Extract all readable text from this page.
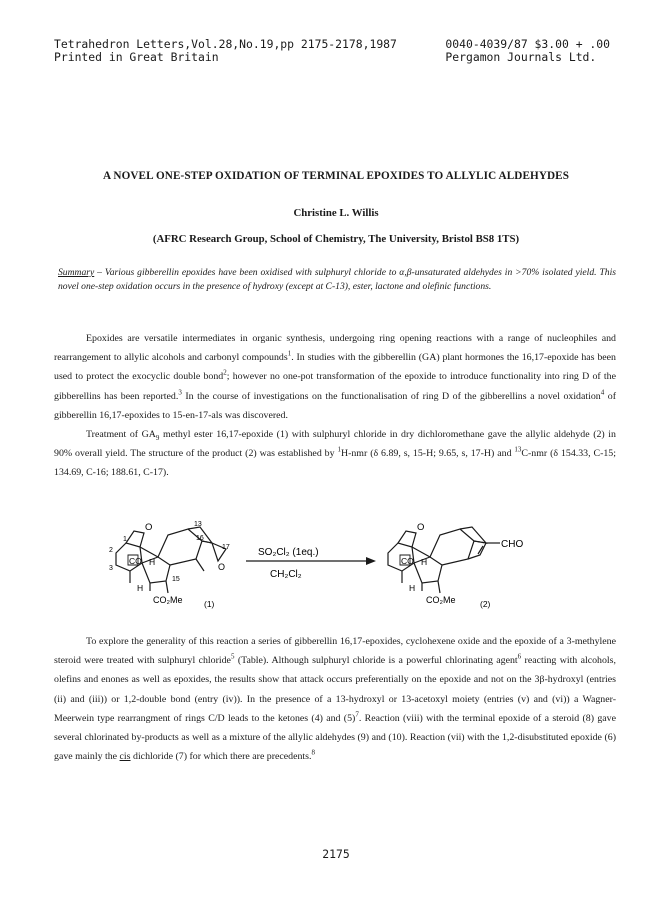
Tetrahedron Letters,Vol.28,No.19,pp 2175-2178,1987
Printed in Great Britain
0040-4039/87 $3.00 + .00
Pergamon Journals Ltd.
A NOVEL ONE-STEP OXIDATION OF TERMINAL EPOXIDES TO ALLYLIC ALDEHYDES
Christine L. Willis
(AFRC Research Group, School of Chemistry, The University, Bristol BS8 1TS)
Summary – Various gibberellin epoxides have been oxidised with sulphuryl chloride to α,β-unsaturated aldehydes in >70% isolated yield. This novel one-step oxidation occurs in the presence of hydroxy (except at C-13), ester, lactone and olefinic functions.

Epoxides are versatile intermediates in organic synthesis, undergoing ring opening reactions with a range of nucleophiles and rearrangement to allylic alcohols and carbonyl compounds$^1$. In studies with the gibberellin (GA) plant hormones the 16,17-epoxide has been used to protect the exocyclic double bond$^2$; however no one-pot transformation of the epoxide to introduce functionality into ring D of the gibberellins has been reported.$^3$ In the course of investigations on the functionalisation of ring D of the gibberellins a novel oxidation$^4$ of gibberellin 16,17-epoxides to 15-en-17-als was discovered.

Treatment of $GA_9$ methyl ester 16,17-epoxide (1) with sulphuryl chloride in dry dichloromethane gave the allylic aldehyde (2) in 90% overall yield. The structure of the product (2) was established by $^1$H-nmr (δ 6.89, s, 15-H; 9.65, s, 17-H) and $^{13}$C-nmr (δ 154.33, C-15; 134.69, C-16; 188.61, C-17).

O
CO H
H
CO₂Me
O
17
16
13
15
2
1
3
(1)
SO₂Cl₂ (1eq.)
CH₂Cl₂
O
CO H
H
CO₂Me
CHO
(2)

To explore the generality of this reaction a series of gibberellin 16,17-epoxides, cyclohexene oxide and the epoxide of a 3-methylene steroid were treated with sulphuryl chloride$^5$ (Table). Although sulphuryl chloride is a powerful chlorinating agent$^6$ reacting with alcohols, olefins and enones as well as epoxides, the results show that attack occurs preferentially on the epoxide and not on the 3β-hydroxyl (entries (ii) and (iii)) or 1,2-double bond (entry (iv)). In the presence of a 13-hydroxyl or 13-acetoxyl moiety (entries (v) and (vi)) a Wagner-Meerwein type rearrangment of rings C/D leads to the ketones (4) and $(5)^7$. Reaction (viii) with the terminal epoxide of a steroid (8) gave several chlorinated by-products as well as a mixture of the allylic aldehydes (9) and (10). Reaction (vii) with the 1,2-disubstituted epoxide (6) gave mainly the cis dichloride (7) for which there are precedents.$^8$

2175
